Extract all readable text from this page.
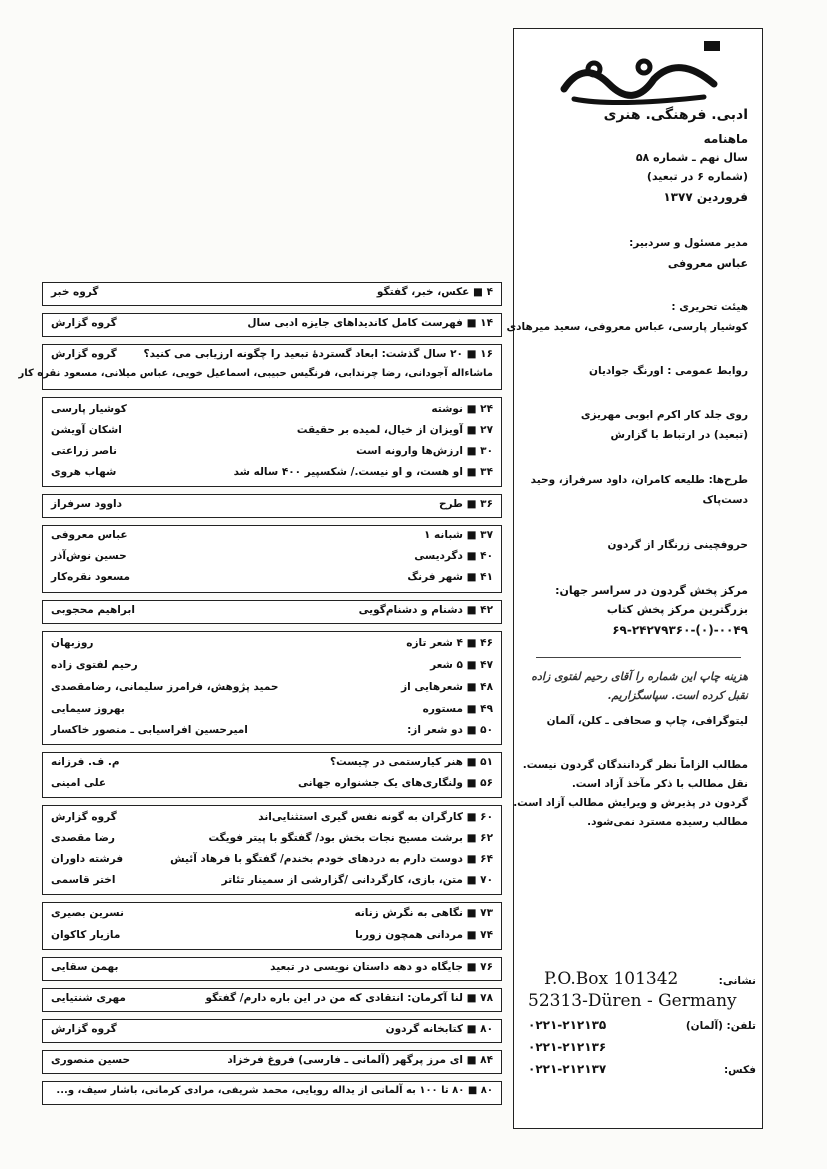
۴ ■ عکس، خبر، گفتگو
گروه خبر
۱۴ ■ فهرست کامل کاندیداهای جایزه ادبی سال
گروه گزارش
۱۶ ■ ۲۰ سال گذشت: ابعاد گستردهٔ تبعید را چگونه ارزیابی می کنید؟
گروه گزارش
ماشاءاله آجودانی، رضا چرندابی، فرنگیس حبیبی، اسماعیل خویی، عباس میلانی، مسعود نقره کار
۲۴ ■ نوشته
کوشیار پارسی
۲۷ ■ آویزان از خیال، لمیده بر حقیقت
اشکان آویشن
۳۰ ■ ارزش‌ها وارونه است
ناصر زراعتی
۳۴ ■ او هست، و او نیست./ شکسپیر ۴۰۰ ساله شد
شهاب هروی
۳۶ ■ طرح
داوود سرفراز
۳۷ ■ شبانه ۱
عباس معروفی
۴۰ ■ دگردیسی
حسین نوش‌آذر
۴۱ ■ شهر فرنگ
مسعود نقره‌کار
۴۲ ■ دشنام و دشنام‌گویی
ابراهیم محجوبی
۴۶ ■ ۴ شعر تازه
روزبهان
۴۷ ■ ۵ شعر
رحیم لفتوی زاده
۴۸ ■ شعرهایی از
حمید پژوهش، فرامرز سلیمانی، رضامقصدی
۴۹ ■ مستوره
بهروز سیمایی
۵۰ ■ دو شعر از:
امیرحسین افراسیابی ـ منصور خاکسار
۵۱ ■ هنر کیارستمی در چیست؟
م. ف. فرزانه
۵۶ ■ ولنگاری‌های یک جشنواره جهانی
علی امینی
۶۰ ■ کارگران به گونه نفس گیری استثنایی‌اند
گروه گزارش
۶۲ ■ برشت مسیح نجات بخش بود/ گفتگو با پیتر فویگت
رضا مقصدی
۶۴ ■ دوست دارم به دردهای خودم بخندم/ گفتگو با فرهاد آئیش
فرشته داوران
۷۰ ■ متن، بازی، کارگردانی /گزارشی از سمینار تئاتر
اختر قاسمی
۷۳ ■ نگاهی به نگرش زنانه
نسرین بصیری
۷۴ ■ مردانی همچون زوربا
مازیار کاکوان
۷۶ ■ جایگاه دو دهه داستان نویسی در تبعید
بهمن سقایی
۷۸ ■ لنا آکرمان: انتقادی که من در این باره دارم/ گفتگو
مهری شنتیایی
۸۰ ■ کتابخانه گردون
گروه گزارش
۸۴ ■ ای مرز پرگهر (آلمانی ـ فارسی) فروغ فرخزاد
حسین منصوری
۸۰ ■ ۸۰ تا ۱۰۰ به آلمانی از یداله رویایی، محمد شریفی، مرادی کرمانی، باشار سیف، و...
ادبی. فرهنگی. هنری
ماهنامه
سال نهم ـ شماره ۵۸
(شماره ۶ در تبعید)
فروردین ۱۳۷۷
مدیر مسئول و سردبیر:
عباس معروفی
هیئت تحریری :
کوشیار پارسی، عباس معروفی، سعید میرهادی
روابط عمومی : اورنگ جوادیان
روی جلد کار اکرم ابوبی مهریزی
(تبعید) در ارتباط با گزارش
طرح‌ها: طلیعه کامران، داود سرفراز، وحید
دست‌پاک
حروفچینی زرنگار از گردون
مرکز پخش گردون در سراسر جهان:
بزرگترین مرکز پخش کتاب
۰۰۴۹-(۰)-۶۹-۲۴۲۷۹۳۶۰
هزینه چاپ این شماره را آقای رحیم لفتوی زاده
نقبل کرده است. سپاسگزاریم.
لیتوگرافی، چاپ و صحافی ـ کلن، آلمان
مطالب الزاماً نظر گردانندگان گردون نیست.
نقل مطالب با ذکر مآخذ آزاد است.
گردون در پذیرش و ویرایش مطالب آزاد است.
مطالب رسیده مسترد نمی‌شود.
نشانی:
P.O.Box 101342
52313-Düren - Germany
تلفن: (آلمان)
۰۲۲۱-۲۱۲۱۳۵
۰۲۲۱-۲۱۲۱۳۶
فکس:
۰۲۲۱-۲۱۲۱۳۷
